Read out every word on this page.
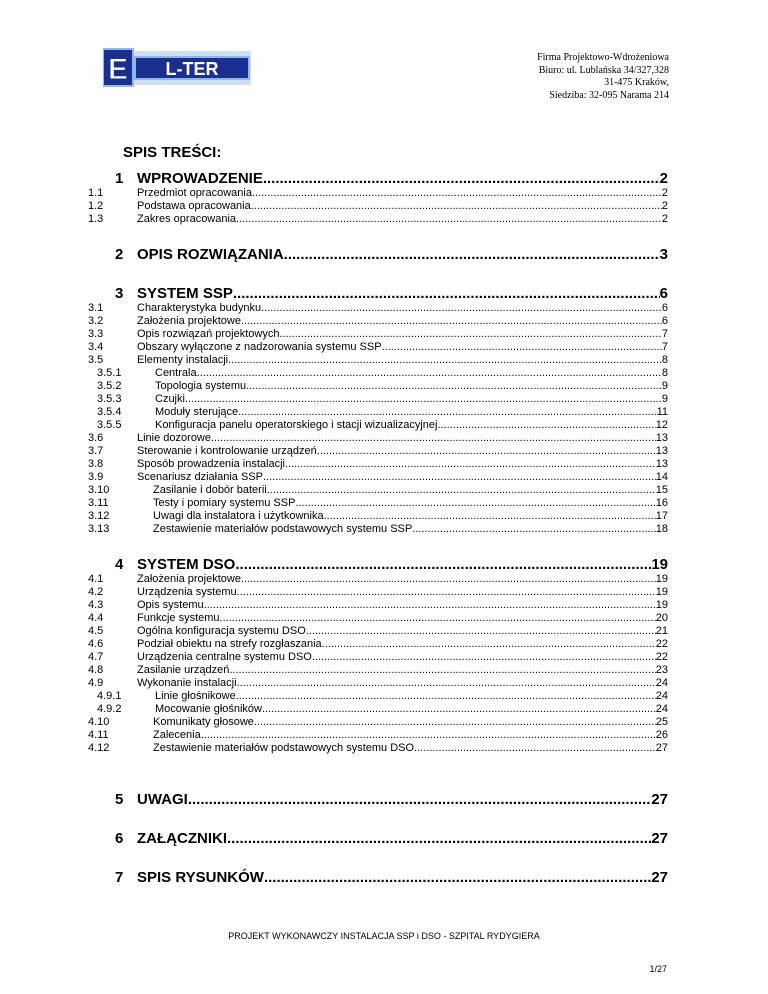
E L-TER
Firma Projektowo-Wdrożeniowa
Biuro: ul. Lublańska 34/327,328
31-475 Kraków,
Siedziba: 32-095 Narama 214
SPIS TREŚCI:
1 WPROWADZENIE .....	2
1.1	Przedmiot opracowania .....	2
1.2	Podstawa opracowania .....	2
1.3	Zakres opracowania .....	2
2 OPIS ROZWIĄZANIA .....	3
3 SYSTEM SSP .....	6
3.1	Charakterystyka budynku .....	6
3.2	Założenia projektowe .....	6
3.3	Opis rozwiązań projektowych .....	7
3.4	Obszary wyłączone z nadzorowania systemu SSP .....	7
3.5	Elementy instalacji .....	8
3.5.1	Centrala. .....	8
3.5.2	Topologia systemu .....	9
3.5.3	Czujki .....	9
3.5.4	Moduły sterujące .....	11
3.5.5	Konfiguracja panelu operatorskiego i stacji wizualizacyjnej .....	12
3.6	Linie dozorowe .....	13
3.7	Sterowanie i kontrolowanie urządzeń .....	13
3.8	Sposób prowadzenia instalacji .....	13
3.9	Scenariusz działania SSP .....	14
3.10	Zasilanie i dobór baterii .....	15
3.11	Testy i pomiary systemu SSP .....	16
3.12	Uwagi dla instalatora i użytkownika .....	17
3.13	Zestawienie materiałów podstawowych systemu SSP .....	18
4 SYSTEM DSO .....	19
4.1	Założenia projektowe .....	19
4.2	Urządzenia systemu .....	19
4.3	Opis systemu .....	19
4.4	Funkcje systemu .....	20
4.5	Ogólna konfiguracja systemu DSO .....	21
4.6	Podział obiektu na strefy rozgłaszania .....	22
4.7	Urządzenia centralne systemu DSO .....	22
4.8	Zasilanie urządzeń .....	23
4.9	Wykonanie instalacji .....	24
4.9.1	Linie głośnikowe .....	24
4.9.2	Mocowanie głośników .....	24
4.10	Komunikaty głosowe .....	25
4.11	Zalecenia .....	26
4.12	Zestawienie materiałów podstawowych systemu DSO .....	27
5 UWAGI .....	27
6 ZAŁĄCZNIKI .....	27
7 SPIS RYSUNKÓW .....	27
PROJEKT WYKONAWCZY INSTALACJA SSP i DSO - SZPITAL RYDYGIERA
1/27
